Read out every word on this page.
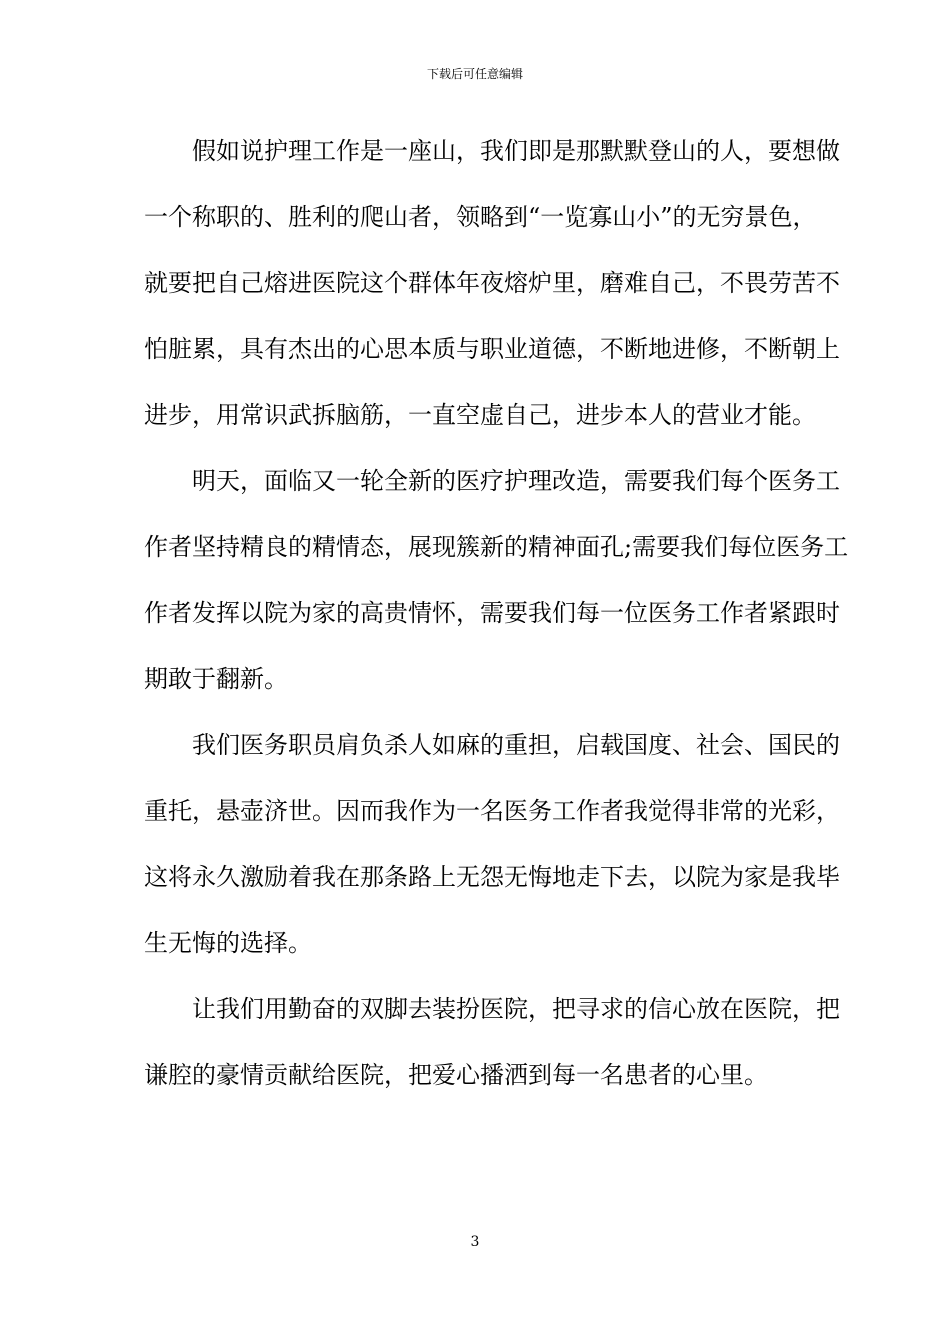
下载后可任意编辑
假如说护理工作是一座山，我们即是那默默登山的人，要想做
一个称职的、胜利的爬山者，领略到“一览寡山小”的无穷景色，
就要把自己熔进医院这个群体年夜熔炉里，磨难自己，不畏劳苦不
怕脏累，具有杰出的心思本质与职业道德，不断地进修，不断朝上
进步，用常识武拆脑筋，一直空虚自己，进步本人的营业才能。
明天，面临又一轮全新的医疗护理改造，需要我们每个医务工
作者坚持精良的精情态，展现簇新的精神面孔;需要我们每位医务工
作者发挥以院为家的高贵情怀，需要我们每一位医务工作者紧跟时
期敢于翻新。
我们医务职员肩负杀人如麻的重担，启载国度、社会、国民的
重托，悬壶济世。因而我作为一名医务工作者我觉得非常的光彩，
这将永久激励着我在那条路上无怨无悔地走下去，以院为家是我毕
生无悔的选择。
让我们用勤奋的双脚去装扮医院，把寻求的信心放在医院，把
谦腔的豪情贡献给医院，把爱心播洒到每一名患者的心里。
3
